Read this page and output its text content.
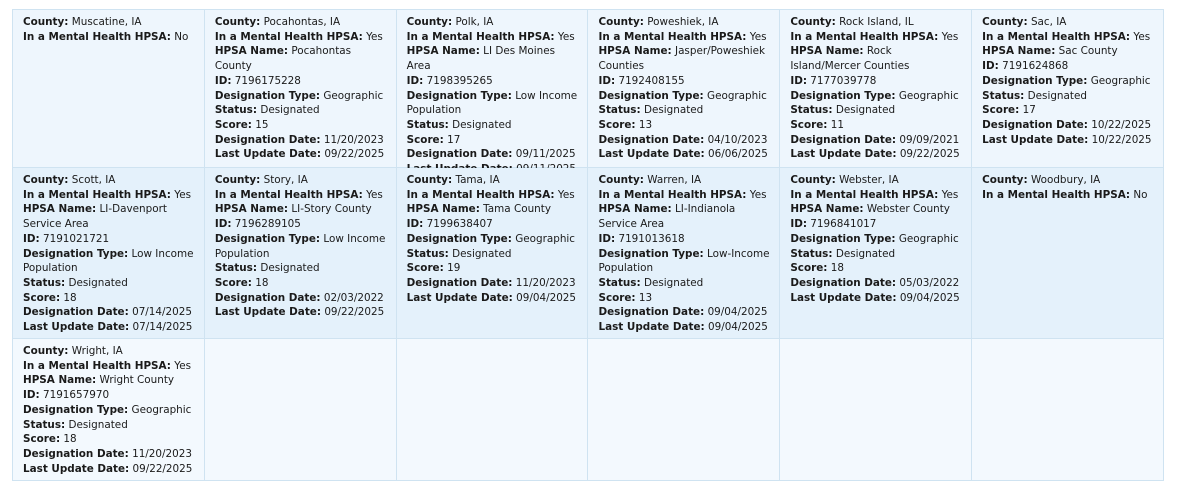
County: Muscatine, IA

In a Mental Health HPSA: No

County: Pocahontas, IA

In a Mental Health HPSA: Yes

HPSA Name: Pocahontas County

ID: 7196175228

Designation Type: Geographic

Status: Designated

Score: 15

Designation Date: 11/20/2023

Last Update Date: 09/22/2025

County: Polk, IA

In a Mental Health HPSA: Yes

HPSA Name: LI Des Moines Area

ID: 7198395265

Designation Type: Low Income Population

Status: Designated

Score: 17

Designation Date: 09/11/2025

County: Poweshiek, IA

In a Mental Health HPSA: Yes

HPSA Name: Jasper/Poweshiek Counties

ID: 7192408155

Designation Type: Geographic

Status: Designated

Score: 13

Designation Date: 04/10/2023

Last Update Date: 06/06/2025

County: Rock Island, IL

In a Mental Health HPSA: Yes

HPSA Name: Rock Island/Mercer Counties

ID: 7177039778

Designation Type: Geographic

Status: Designated

Score: 11

Designation Date: 09/09/2021

Last Update Date: 09/22/2025

County: Sac, IA

In a Mental Health HPSA: Yes

HPSA Name: Sac County

ID: 7191624868

Designation Type: Geographic

Status: Designated

Score: 17

Designation Date: 10/22/2025

Last Update Date: 10/22/2025

County: Scott, IA

In a Mental Health HPSA: Yes

HPSA Name: LI-Davenport Service Area

ID: 7191021721

Designation Type: Low Income Population

Status: Designated

Score: 18

Designation Date: 07/14/2025

Last Update Date: 07/14/2025

County: Story, IA

In a Mental Health HPSA: Yes

HPSA Name: LI-Story County

ID: 7196289105

Designation Type: Low Income Population

Status: Designated

Score: 18

Designation Date: 02/03/2022

Last Update Date: 09/22/2025

County: Tama, IA

In a Mental Health HPSA: Yes

HPSA Name: Tama County

ID: 7199638407

Designation Type: Geographic

Status: Designated

Score: 19

Designation Date: 11/20/2023

Last Update Date: 09/04/2025

County: Warren, IA

In a Mental Health HPSA: Yes

HPSA Name: LI-Indianola Service Area

ID: 7191013618

Designation Type: Low-Income Population

Status: Designated

Score: 13

Designation Date: 09/04/2025

Last Update Date: 09/04/2025

County: Webster, IA

In a Mental Health HPSA: Yes

HPSA Name: Webster County

ID: 7196841017

Designation Type: Geographic

Status: Designated

Score: 18

Designation Date: 05/03/2022

Last Update Date: 09/04/2025

County: Woodbury, IA

In a Mental Health HPSA: No

County: Wright, IA

In a Mental Health HPSA: Yes

HPSA Name: Wright County

ID: 7191657970

Designation Type: Geographic

Status: Designated

Score: 18

Designation Date: 11/20/2023

Last Update Date: 09/22/2025
